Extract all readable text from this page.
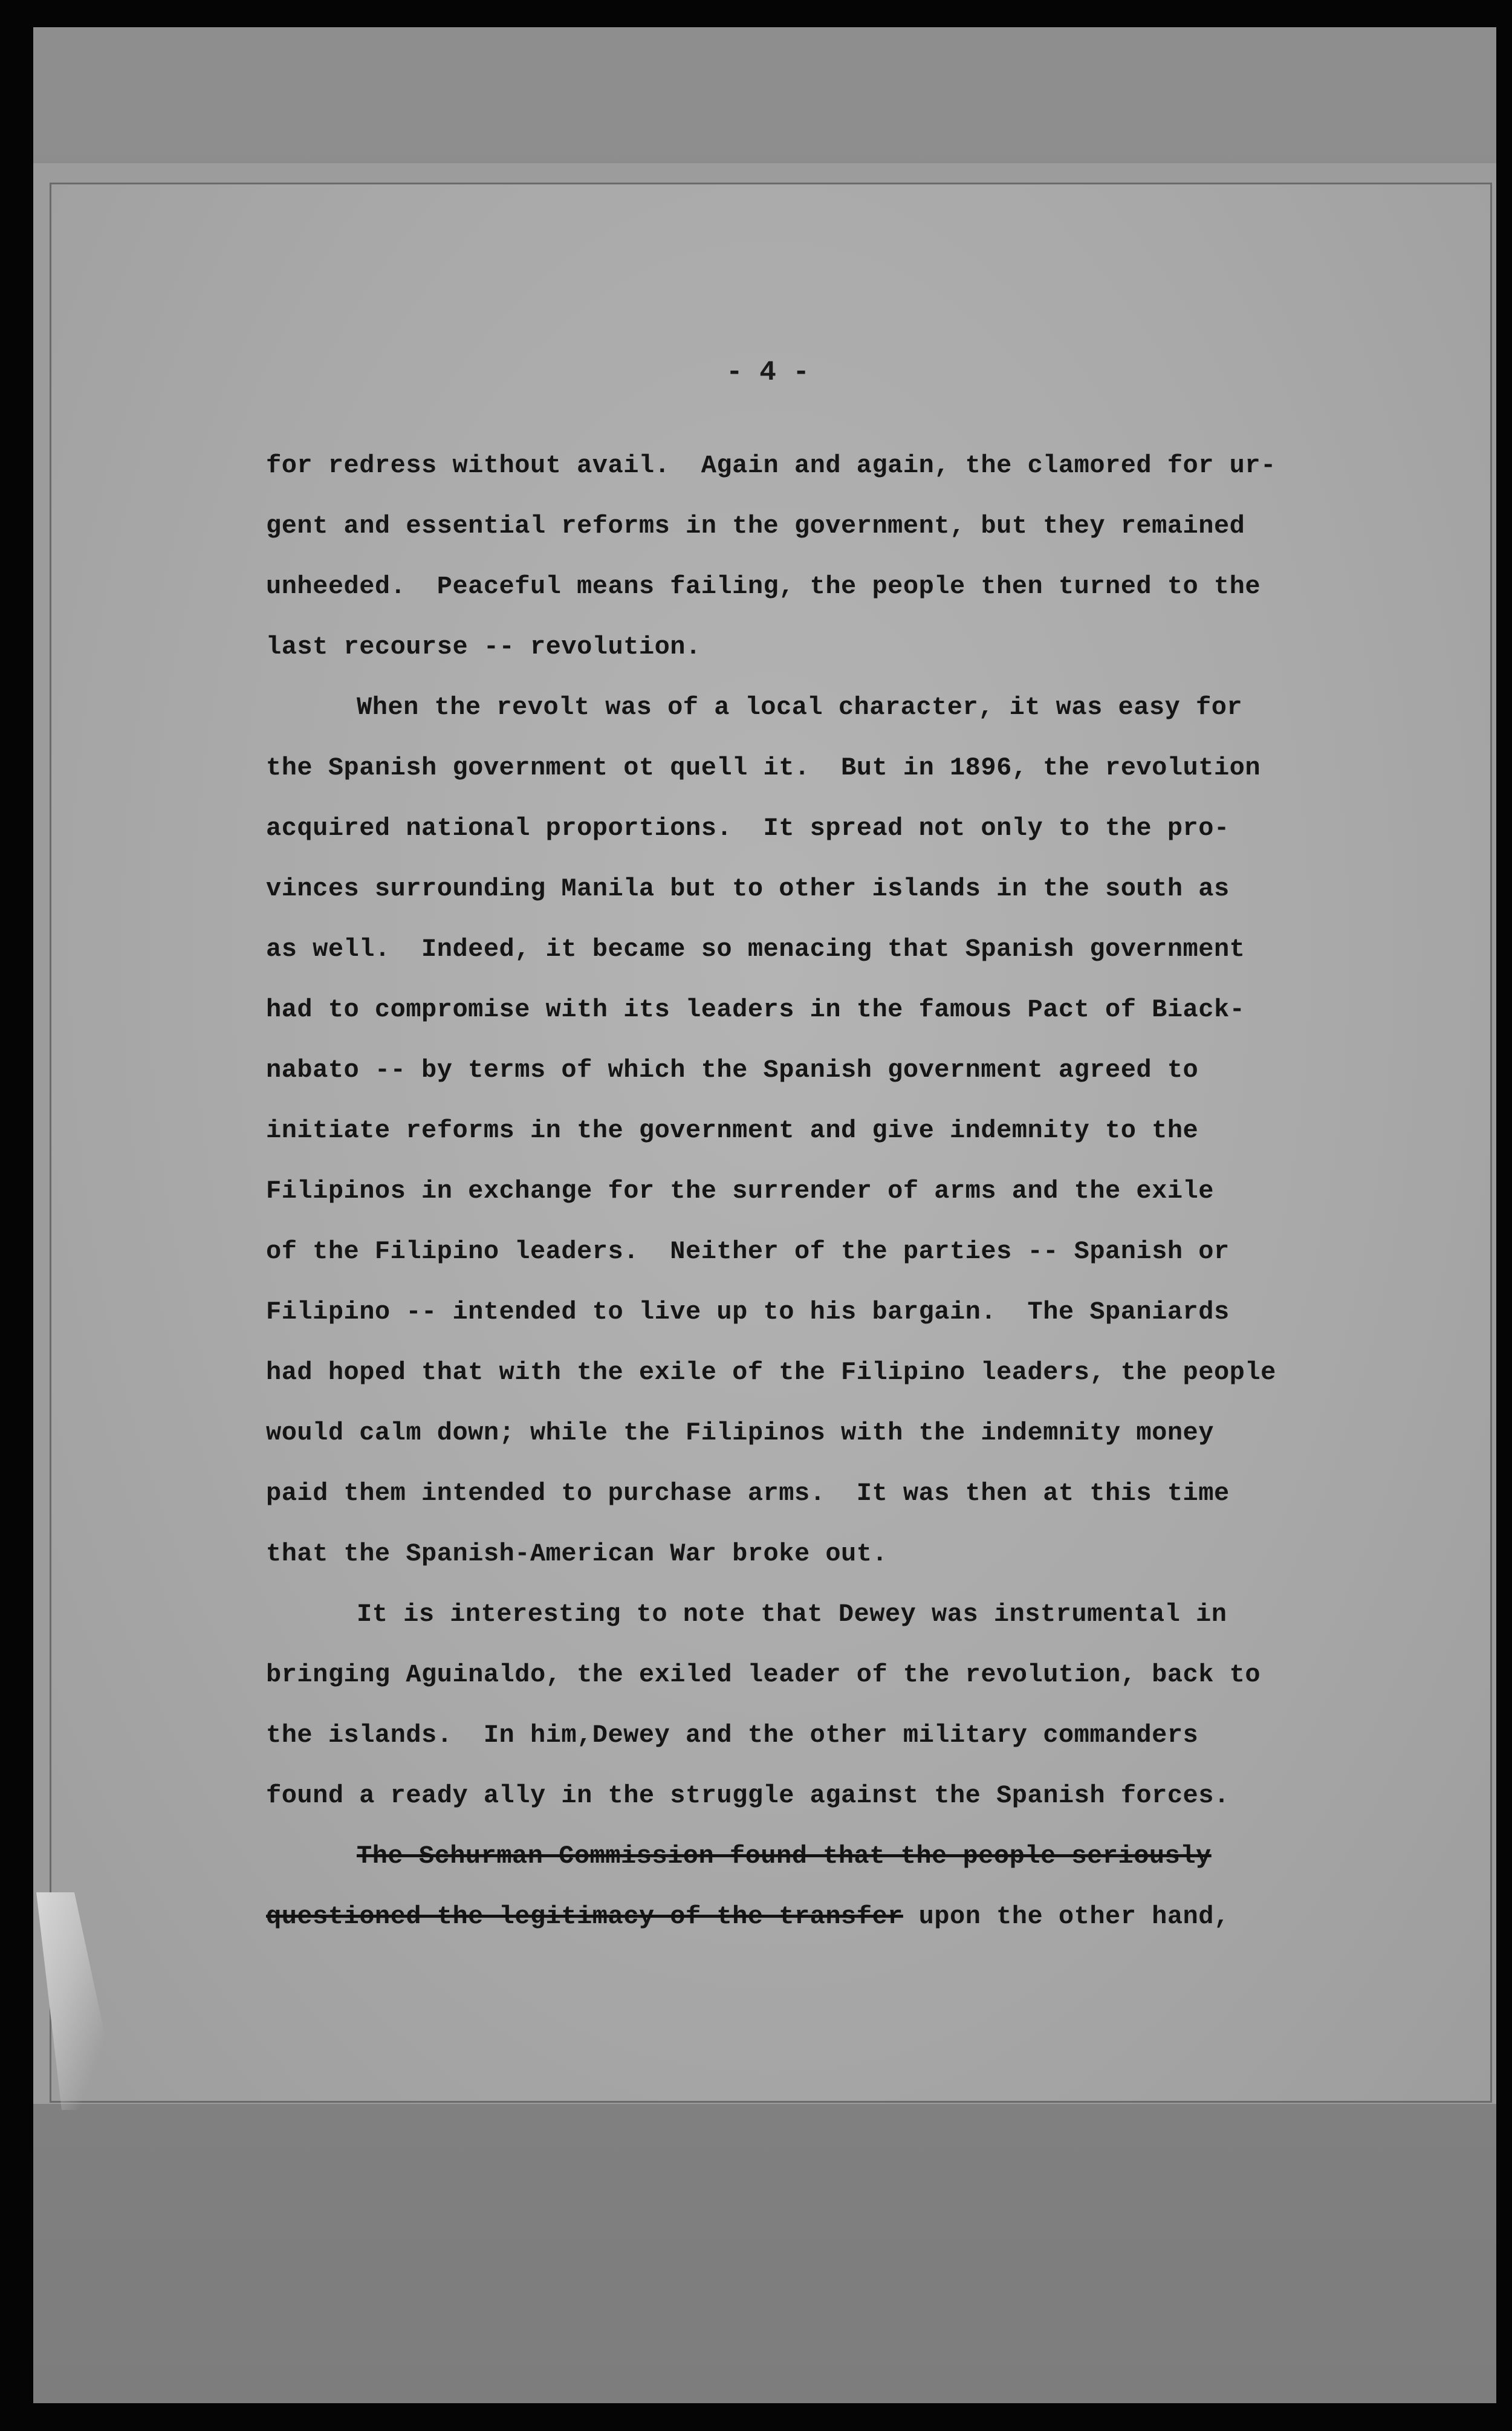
- 4 -
for redress without avail.  Again and again, the clamored for ur-
gent and essential reforms in the government, but they remained
unheeded.  Peaceful means failing, the people then turned to the
last recourse -- revolution.
When the revolt was of a local character, it was easy for
the Spanish government ot quell it.  But in 1896, the revolution
acquired national proportions.  It spread not only to the pro-
vinces surrounding Manila but to other islands in the south as
as well.  Indeed, it became so menacing that Spanish government
had to compromise with its leaders in the famous Pact of Biack-
nabato -- by terms of which the Spanish government agreed to
initiate reforms in the government and give indemnity to the
Filipinos in exchange for the surrender of arms and the exile
of the Filipino leaders.  Neither of the parties -- Spanish or
Filipino -- intended to live up to his bargain.  The Spaniards
had hoped that with the exile of the Filipino leaders, the people
would calm down; while the Filipinos with the indemnity money
paid them intended to purchase arms.  It was then at this time
that the Spanish-American War broke out.
It is interesting to note that Dewey was instrumental in
bringing Aguinaldo, the exiled leader of the revolution, back to
the islands.  In him,Dewey and the other military commanders
found a ready ally in the struggle against the Spanish forces.
The Schurman Commission found that the people seriously
questioned the legitimacy of the transfer upon the other hand,
